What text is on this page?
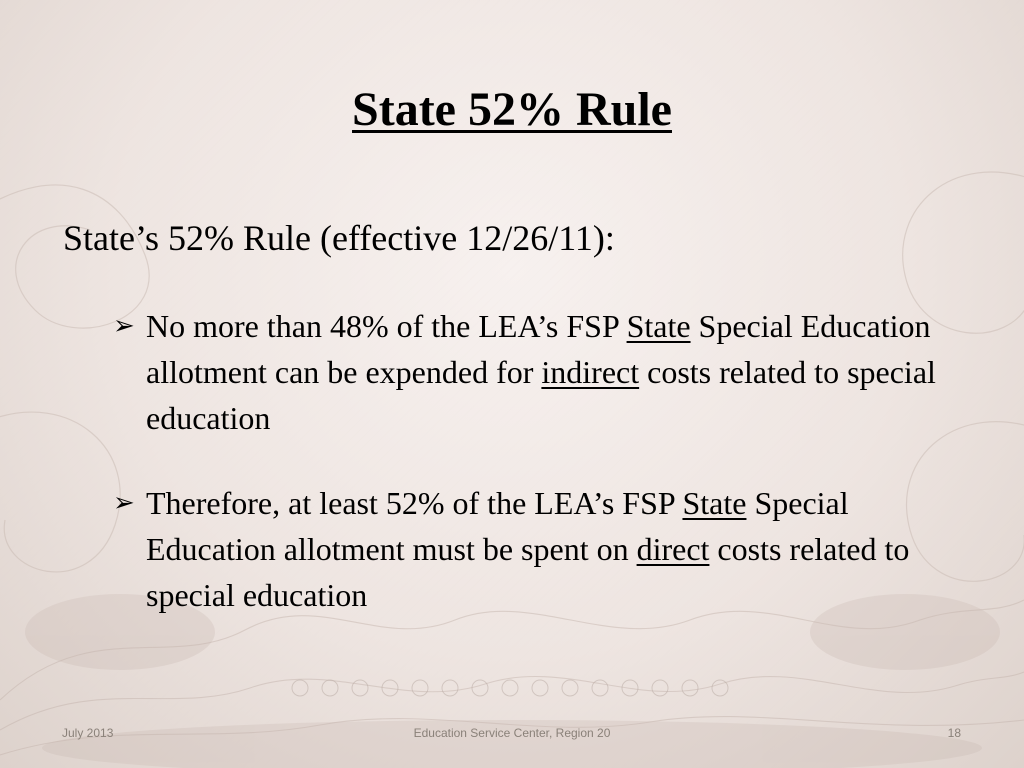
State 52% Rule
State’s 52% Rule (effective 12/26/11):
➢ No more than 48% of the LEA’s FSP State Special Education allotment can be expended for indirect costs related to special education
➢ Therefore, at least 52% of the LEA’s FSP State Special Education allotment must be spent on direct costs related to special education
July 2013	Education Service Center, Region 20	18
